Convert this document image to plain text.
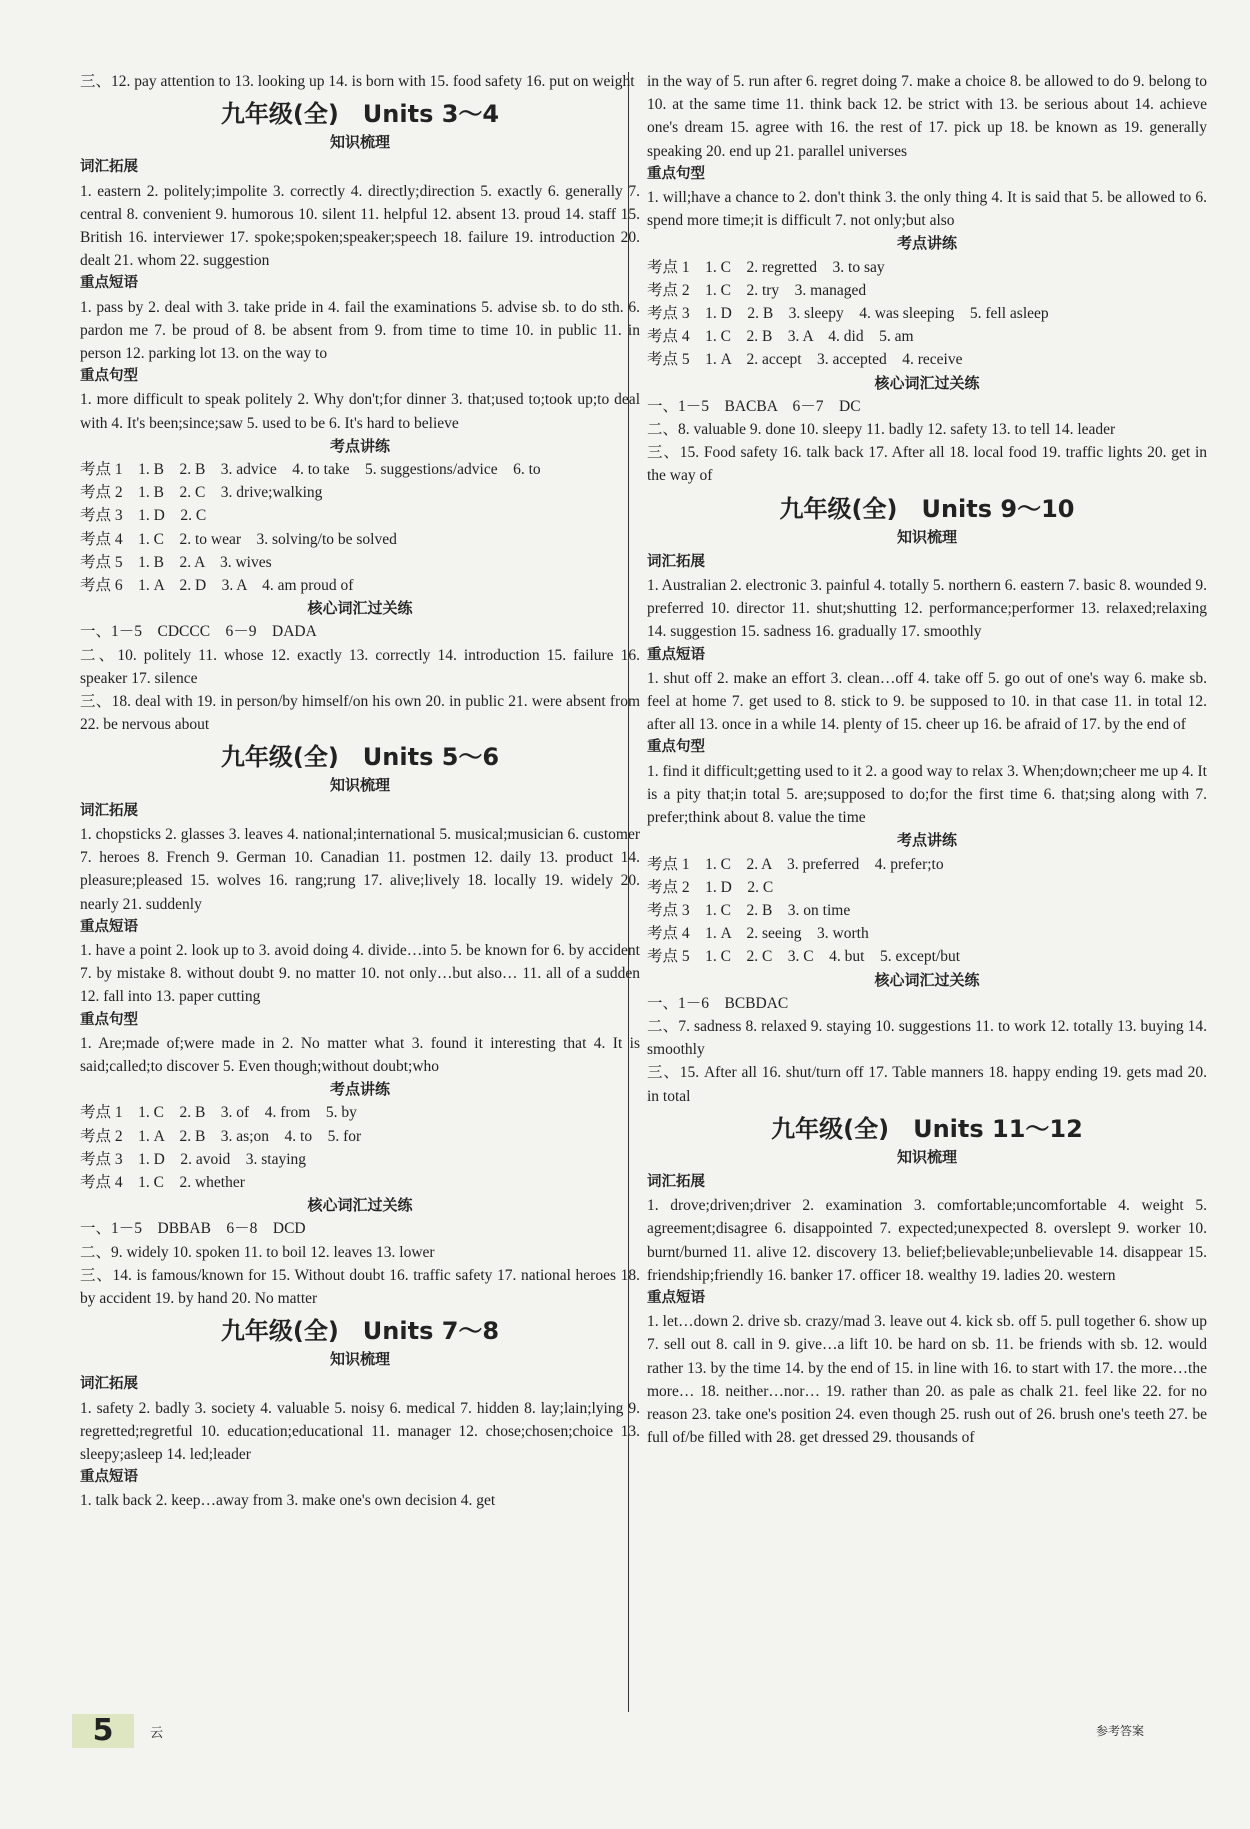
三、12. pay attention to 13. looking up 14. is born with 15. food safety 16. put on weight
九年级(全)　Units 3～4
知识梳理
词汇拓展
1. eastern 2. politely;impolite 3. correctly 4. directly;direction 5. exactly 6. generally 7. central 8. convenient 9. humorous 10. silent 11. helpful 12. absent 13. proud 14. staff 15. British 16. interviewer 17. spoke;spoken;speaker;speech 18. failure 19. introduction 20. dealt 21. whom 22. suggestion
重点短语
1. pass by 2. deal with 3. take pride in 4. fail the examinations 5. advise sb. to do sth. 6. pardon me 7. be proud of 8. be absent from 9. from time to time 10. in public 11. in person 12. parking lot 13. on the way to
重点句型
1. more difficult to speak politely 2. Why don't;for dinner 3. that;used to;took up;to deal with 4. It's been;since;saw 5. used to be 6. It's hard to believe
考点讲练
考点 1　1. B　2. B　3. advice　4. to take　5. suggestions/advice　6. to
考点 2　1. B　2. C　3. drive;walking
考点 3　1. D　2. C
考点 4　1. C　2. to wear　3. solving/to be solved
考点 5　1. B　2. A　3. wives
考点 6　1. A　2. D　3. A　4. am proud of
核心词汇过关练
一、1－5　CDCCC　6－9　DADA
二、10. politely 11. whose 12. exactly 13. correctly 14. introduction 15. failure 16. speaker 17. silence
三、18. deal with 19. in person/by himself/on his own 20. in public 21. were absent from 22. be nervous about
九年级(全)　Units 5～6
知识梳理
词汇拓展
1. chopsticks 2. glasses 3. leaves 4. national;international 5. musical;musician 6. customer 7. heroes 8. French 9. German 10. Canadian 11. postmen 12. daily 13. product 14. pleasure;pleased 15. wolves 16. rang;rung 17. alive;lively 18. locally 19. widely 20. nearly 21. suddenly
重点短语
1. have a point 2. look up to 3. avoid doing 4. divide…into 5. be known for 6. by accident 7. by mistake 8. without doubt 9. no matter 10. not only…but also… 11. all of a sudden 12. fall into 13. paper cutting
重点句型
1. Are;made of;were made in 2. No matter what 3. found it interesting that 4. It is said;called;to discover 5. Even though;without doubt;who
考点讲练
考点 1　1. C　2. B　3. of　4. from　5. by
考点 2　1. A　2. B　3. as;on　4. to　5. for
考点 3　1. D　2. avoid　3. staying
考点 4　1. C　2. whether
核心词汇过关练
一、1－5　DBBAB　6－8　DCD
二、9. widely 10. spoken 11. to boil 12. leaves 13. lower
三、14. is famous/known for 15. Without doubt 16. traffic safety 17. national heroes 18. by accident 19. by hand 20. No matter
九年级(全)　Units 7～8
知识梳理
词汇拓展
1. safety 2. badly 3. society 4. valuable 5. noisy 6. medical 7. hidden 8. lay;lain;lying 9. regretted;regretful 10. education;educational 11. manager 12. chose;chosen;choice 13. sleepy;asleep 14. led;leader
重点短语
1. talk back 2. keep…away from 3. make one's own decision 4. get
in the way of 5. run after 6. regret doing 7. make a choice 8. be allowed to do 9. belong to 10. at the same time 11. think back 12. be strict with 13. be serious about 14. achieve one's dream 15. agree with 16. the rest of 17. pick up 18. be known as 19. generally speaking 20. end up 21. parallel universes
重点句型
1. will;have a chance to 2. don't think 3. the only thing 4. It is said that 5. be allowed to 6. spend more time;it is difficult 7. not only;but also
考点讲练
考点 1　1. C　2. regretted　3. to say
考点 2　1. C　2. try　3. managed
考点 3　1. D　2. B　3. sleepy　4. was sleeping　5. fell asleep
考点 4　1. C　2. B　3. A　4. did　5. am
考点 5　1. A　2. accept　3. accepted　4. receive
核心词汇过关练
一、1－5　BACBA　6－7　DC
二、8. valuable 9. done 10. sleepy 11. badly 12. safety 13. to tell 14. leader
三、15. Food safety 16. talk back 17. After all 18. local food 19. traffic lights 20. get in the way of
九年级(全)　Units 9～10
知识梳理
词汇拓展
1. Australian 2. electronic 3. painful 4. totally 5. northern 6. eastern 7. basic 8. wounded 9. preferred 10. director 11. shut;shutting 12. performance;performer 13. relaxed;relaxing 14. suggestion 15. sadness 16. gradually 17. smoothly
重点短语
1. shut off 2. make an effort 3. clean…off 4. take off 5. go out of one's way 6. make sb. feel at home 7. get used to 8. stick to 9. be supposed to 10. in that case 11. in total 12. after all 13. once in a while 14. plenty of 15. cheer up 16. be afraid of 17. by the end of
重点句型
1. find it difficult;getting used to it 2. a good way to relax 3. When;down;cheer me up 4. It is a pity that;in total 5. are;supposed to do;for the first time 6. that;sing along with 7. prefer;think about 8. value the time
考点讲练
考点 1　1. C　2. A　3. preferred　4. prefer;to
考点 2　1. D　2. C
考点 3　1. C　2. B　3. on time
考点 4　1. A　2. seeing　3. worth
考点 5　1. C　2. C　3. C　4. but　5. except/but
核心词汇过关练
一、1－6　BCBDAC
二、7. sadness 8. relaxed 9. staying 10. suggestions 11. to work 12. totally 13. buying 14. smoothly
三、15. After all 16. shut/turn off 17. Table manners 18. happy ending 19. gets mad 20. in total
九年级(全)　Units 11～12
知识梳理
词汇拓展
1. drove;driven;driver 2. examination 3. comfortable;uncomfortable 4. weight 5. agreement;disagree 6. disappointed 7. expected;unexpected 8. overslept 9. worker 10. burnt/burned 11. alive 12. discovery 13. belief;believable;unbelievable 14. disappear 15. friendship;friendly 16. banker 17. officer 18. wealthy 19. ladies 20. western
重点短语
1. let…down 2. drive sb. crazy/mad 3. leave out 4. kick sb. off 5. pull together 6. show up 7. sell out 8. call in 9. give…a lift 10. be hard on sb. 11. be friends with sb. 12. would rather 13. by the time 14. by the end of 15. in line with 16. to start with 17. the more…the more… 18. neither…nor… 19. rather than 20. as pale as chalk 21. feel like 22. for no reason 23. take one's position 24. even though 25. rush out of 26. brush one's teeth 27. be full of/be filled with 28. get dressed 29. thousands of
5	云	参考答案
